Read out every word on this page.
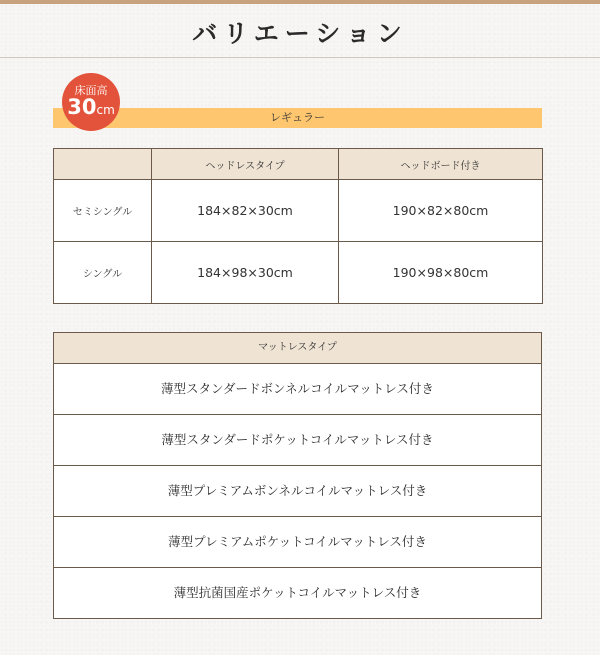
バリエーション
床面高
30cm
レギュラー
	ヘッドレスタイプ	ヘッドボード付き
セミシングル	184×82×30cm	190×82×80cm
シングル	184×98×30cm	190×98×80cm
マットレスタイプ
薄型スタンダードボンネルコイルマットレス付き
薄型スタンダードポケットコイルマットレス付き
薄型プレミアムボンネルコイルマットレス付き
薄型プレミアムポケットコイルマットレス付き
薄型抗菌国産ポケットコイルマットレス付き
